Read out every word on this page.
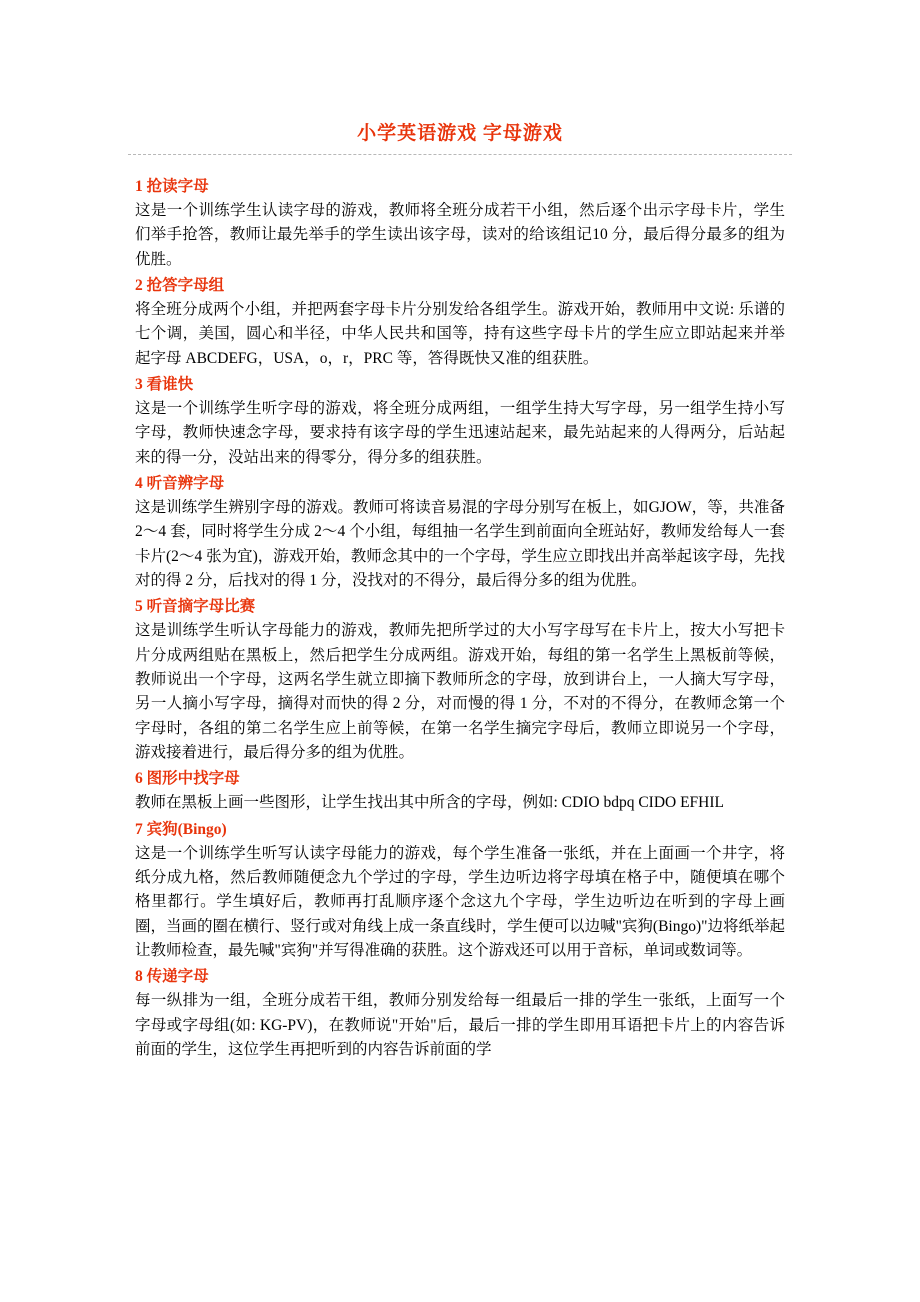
小学英语游戏 字母游戏
1 抢读字母
这是一个训练学生认读字母的游戏，教师将全班分成若干小组，然后逐个出示字母卡片，学生们举手抢答，教师让最先举手的学生读出该字母，读对的给该组记10 分，最后得分最多的组为优胜。
2 抢答字母组
将全班分成两个小组，并把两套字母卡片分别发给各组学生。游戏开始，教师用中文说: 乐谱的七个调，美国，圆心和半径，中华人民共和国等，持有这些字母卡片的学生应立即站起来并举起字母 ABCDEFG，USA，o，r，PRC 等，答得既快又准的组获胜。
3 看谁快
这是一个训练学生听字母的游戏，将全班分成两组，一组学生持大写字母，另一组学生持小写字母，教师快速念字母，要求持有该字母的学生迅速站起来，最先站起来的人得两分，后站起来的得一分，没站出来的得零分，得分多的组获胜。
4 听音辨字母
这是训练学生辨别字母的游戏。教师可将读音易混的字母分别写在板上，如GJOW，等，共准备 2～4 套，同时将学生分成 2～4 个小组，每组抽一名学生到前面向全班站好，教师发给每人一套卡片(2～4 张为宜)，游戏开始，教师念其中的一个字母，学生应立即找出并高举起该字母，先找对的得 2 分，后找对的得 1 分，没找对的不得分，最后得分多的组为优胜。
5 听音摘字母比赛
这是训练学生听认字母能力的游戏，教师先把所学过的大小写字母写在卡片上，按大小写把卡片分成两组贴在黑板上，然后把学生分成两组。游戏开始，每组的第一名学生上黑板前等候，教师说出一个字母，这两名学生就立即摘下教师所念的字母，放到讲台上，一人摘大写字母，另一人摘小写字母，摘得对而快的得 2 分，对而慢的得 1 分，不对的不得分，在教师念第一个字母时，各组的第二名学生应上前等候，在第一名学生摘完字母后，教师立即说另一个字母，游戏接着进行，最后得分多的组为优胜。
6 图形中找字母
教师在黑板上画一些图形，让学生找出其中所含的字母，例如: CDIO bdpq CIDO EFHIL
7 宾狗(Bingo)
这是一个训练学生听写认读字母能力的游戏，每个学生准备一张纸，并在上面画一个井字，将纸分成九格，然后教师随便念九个学过的字母，学生边听边将字母填在格子中，随便填在哪个格里都行。学生填好后，教师再打乱顺序逐个念这九个字母，学生边听边在听到的字母上画圈，当画的圈在横行、竖行或对角线上成一条直线时，学生便可以边喊"宾狗(Bingo)"边将纸举起让教师检查，最先喊"宾狗"并写得准确的获胜。这个游戏还可以用于音标，单词或数词等。
8 传递字母
每一纵排为一组，全班分成若干组，教师分别发给每一组最后一排的学生一张纸，上面写一个字母或字母组(如: KG-PV)，在教师说"开始"后，最后一排的学生即用耳语把卡片上的内容告诉前面的学生，这位学生再把听到的内容告诉前面的学
